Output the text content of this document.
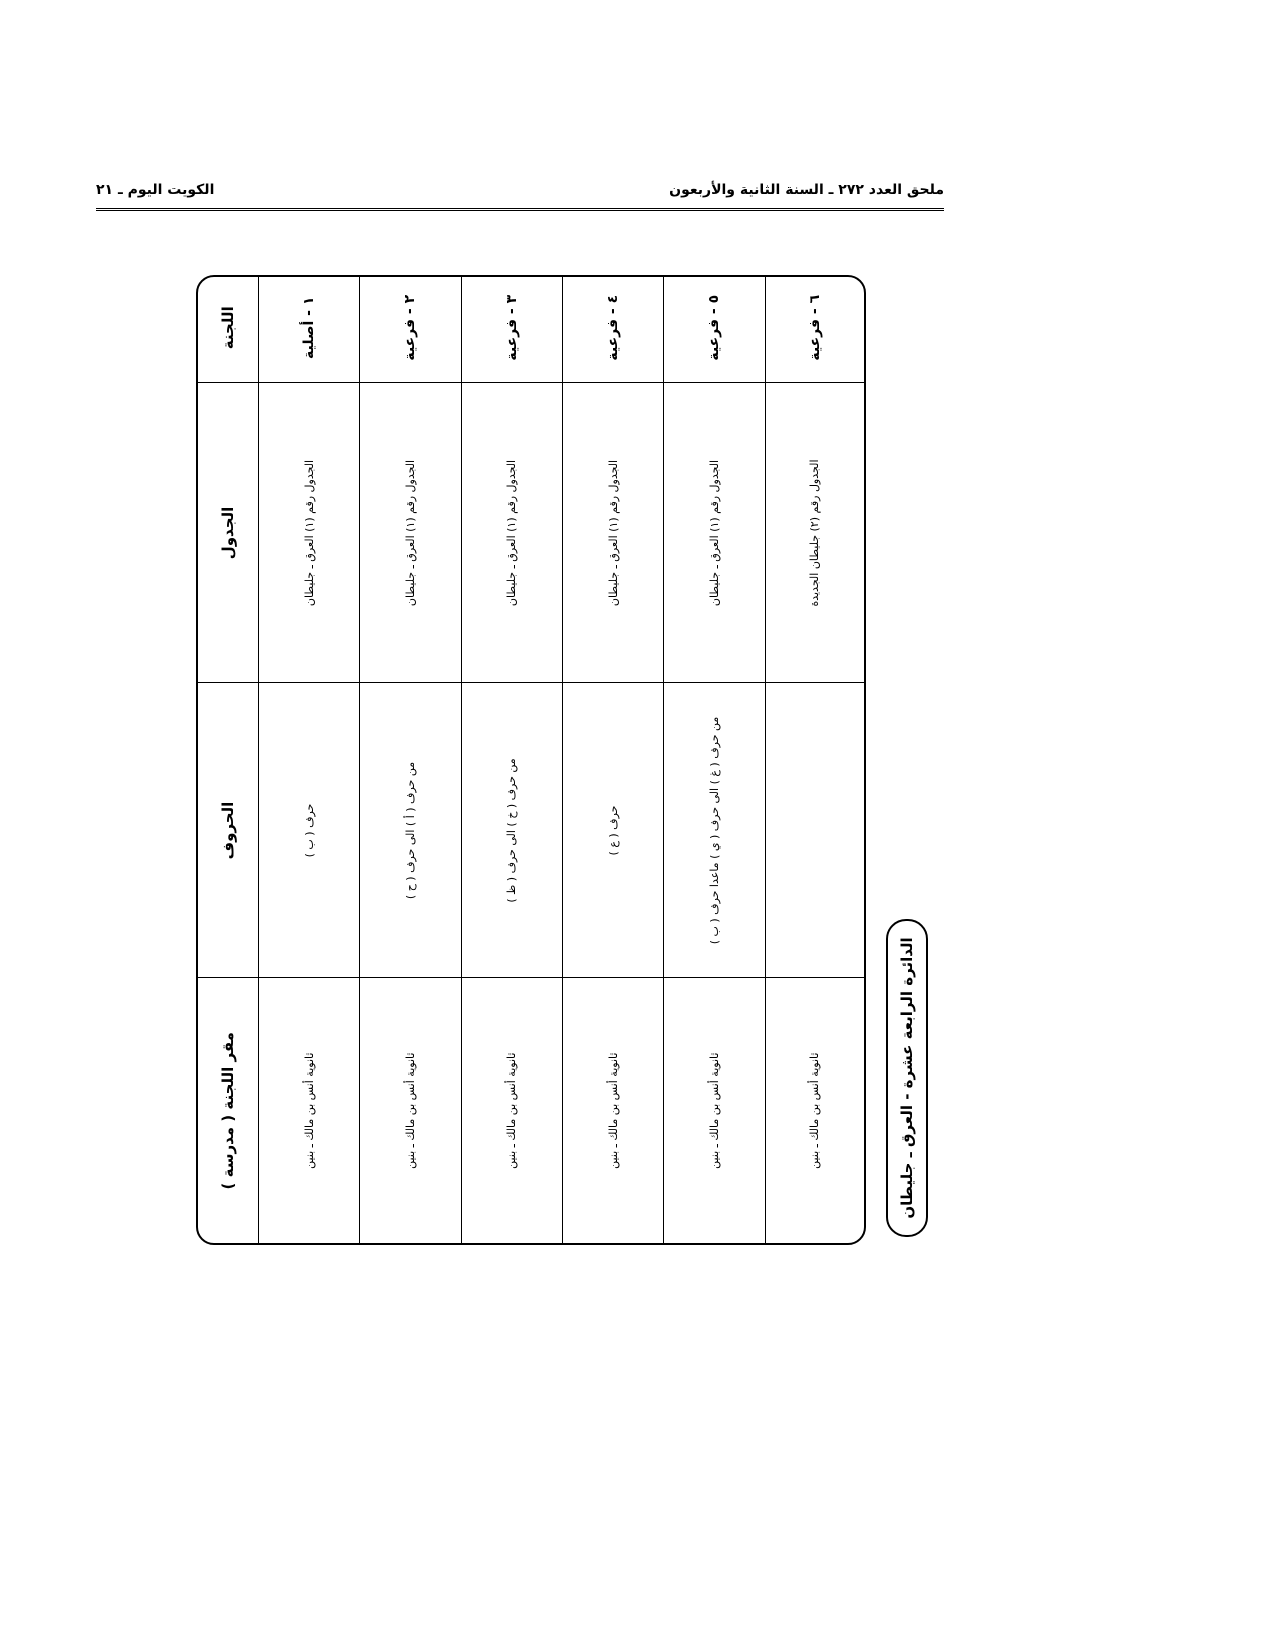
ملحق العدد ٢٧٢ ـ السنة الثانية والأربعون
الكويت اليوم ـ ٢١
الدائرة الرابعة عشرة - العرق ـ جليطان
اللجنة	الجدول	الحروف	مقر اللجنة ( مدرسة )
١ - أصلية	الجدول رقم (١) العرق ـ جليطان	حرف ( ب )	ثانوية أنس بن مالك ـ بنين
٢ - فرعية	الجدول رقم (١) العرق ـ جليطان	من حرف ( أ ) الى حرف ( ح )	ثانوية أنس بن مالك ـ بنين
٣ - فرعية	الجدول رقم (١) العرق ـ جليطان	من حرف ( خ ) الى حرف ( ظ )	ثانوية أنس بن مالك ـ بنين
٤ - فرعية	الجدول رقم (١) العرق ـ جليطان	حرف ( ع )	ثانوية أنس بن مالك ـ بنين
٥ - فرعية	الجدول رقم (١) العرق ـ جليطان	من حرف ( غ ) الى حرف ( ي ) ماعدا حرف ( ب )	ثانوية أنس بن مالك ـ بنين
٦ - فرعية	الجدول رقم (٢) جليطان الجديدة		ثانوية أنس بن مالك ـ بنين
